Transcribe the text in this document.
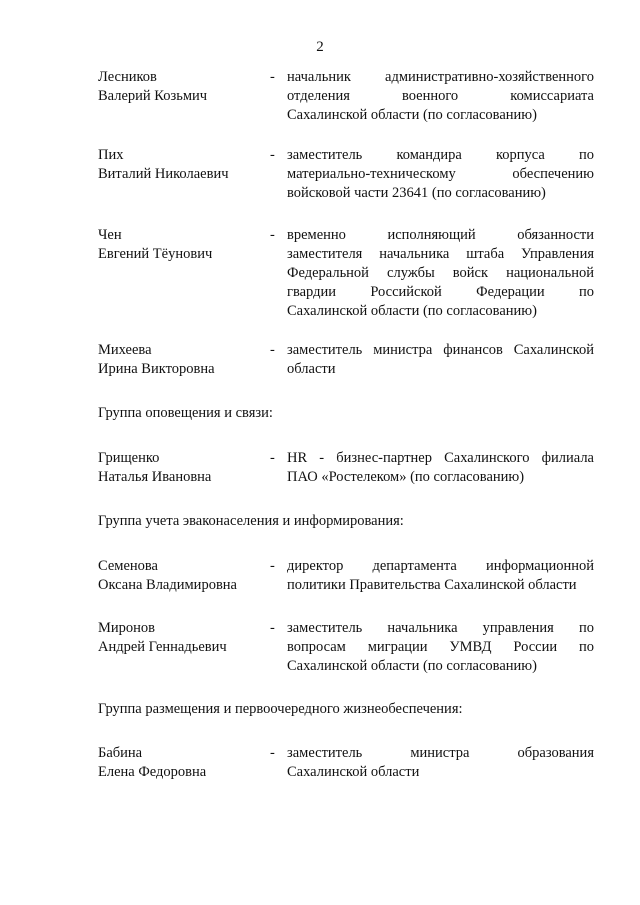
2
Лесников
Валерий Козьмич
- начальник административно-хозяйственного
отделения военного комиссариата
Сахалинской области (по согласованию)
Пих
Виталий Николаевич
- заместитель командира корпуса по
материально-техническому обеспечению
войсковой части 23641 (по согласованию)
Чен
Евгений Тёунович
- временно исполняющий обязанности
заместителя начальника штаба Управления
Федеральной службы войск национальной
гвардии Российской Федерации по
Сахалинской области (по согласованию)
Михеева
Ирина Викторовна
- заместитель министра финансов Сахалинской
области
Группа оповещения и связи:
Грищенко
Наталья Ивановна
- HR - бизнес-партнер Сахалинского филиала
ПАО «Ростелеком» (по согласованию)
Группа учета эваконаселения и информирования:
Семенова
Оксана Владимировна
- директор департамента информационной
политики Правительства Сахалинской области
Миронов
Андрей Геннадьевич
- заместитель начальника управления по
вопросам миграции УМВД России по
Сахалинской области (по согласованию)
Группа размещения и первоочередного жизнеобеспечения:
Бабина
Елена Федоровна
- заместитель министра образования
Сахалинской области
